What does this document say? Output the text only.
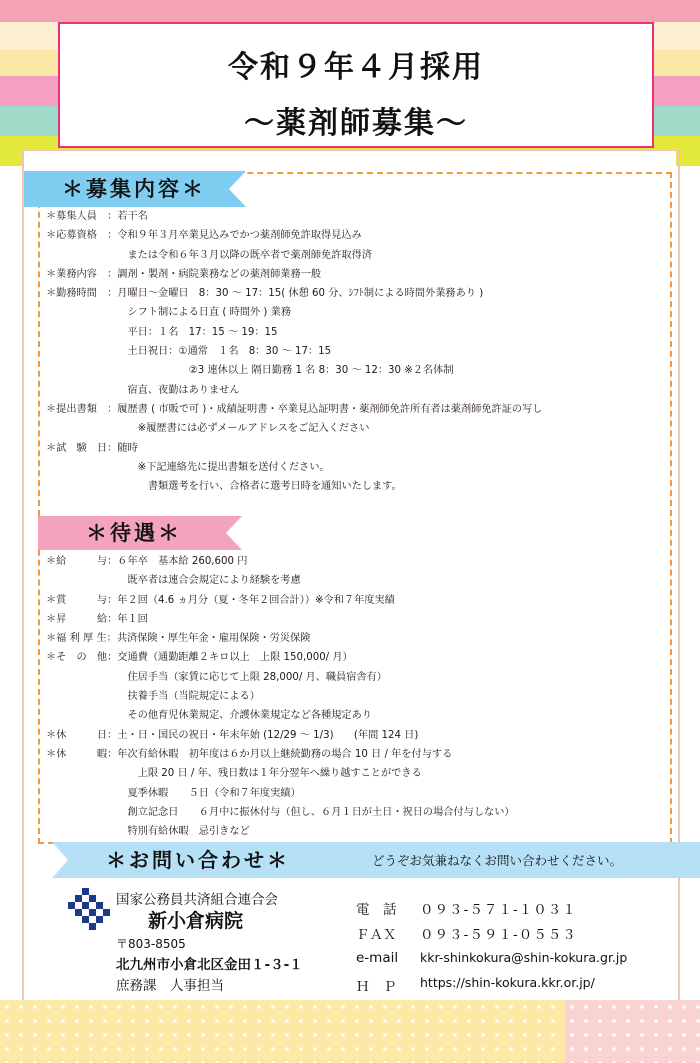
令和９年４月採用
〜薬剤師募集〜
＊募集内容＊
＊募集人員　：若干名
＊応募資格　：令和９年３月卒業見込みでかつ薬剤師免許取得見込み
　　　　　　　　または令和６年３月以降の既卒者で薬剤師免許取得済
＊業務内容　：調剤・製剤・病院業務などの薬剤師業務一般
＊勤務時間　：月曜日〜金曜日　8：30 〜 17：15( 休憩 60 分、ｼﾌﾄ制による時間外業務あり )
　　　　　　　　シフト制による日直 ( 時間外 ) 業務
　　　　　　　　平日：１名　17：15 〜 19：15
　　　　　　　　土日祝日：①通常　１名　8：30 〜 17：15
　　　　　　　　　　　　　　②3 連休以上 隔日勤務 1 名 8：30 〜 12：30 ※２名体制
　　　　　　　　宿直、夜勤はありません
＊提出書類　：履歴書 ( 市販で可 )・成績証明書・卒業見込証明書・薬剤師免許所有者は薬剤師免許証の写し
　　　　　　　　　※履歴書には必ずメールアドレスをご記入ください
＊試　験　日：随時
　　　　　　　　　※下記連絡先に提出書類を送付ください。
　　　　　　　　　　書類選考を行い、合格者に選考日時を通知いたします。
＊待遇＊
＊給　　　与：６年卒　基本給 260,600 円
　　　　　　　　既卒者は連合会規定により経験を考慮
＊賞　　　与：年２回（4.6 ヵ月分（夏・冬年２回合計））※令和７年度実績
＊昇　　　給：年１回
＊福 利 厚 生：共済保険・厚生年金・雇用保険・労災保険
＊そ　の　他：交通費（通勤距離２キロ以上　上限 150,000/ 月）
　　　　　　　　住居手当（家賃に応じて上限 28,000/ 月、職員宿舎有）
　　　　　　　　扶養手当（当院規定による）
　　　　　　　　その他育児休業規定、介護休業規定など各種規定あり
＊休　　　日：土・日・国民の祝日・年末年始 (12/29 〜 1/3)　　(年間 124 日)
＊休　　　暇：年次有給休暇　初年度は６か月以上継続勤務の場合 10 日 / 年を付与する
　　　　　　　　　上限 20 日 / 年、残日数は１年分翌年へ繰り越すことができる
　　　　　　　　夏季休暇　　５日（令和７年度実績）
　　　　　　　　創立記念日　　６月中に振休付与（但し、６月１日が土日・祝日の場合付与しない）
　　　　　　　　特別有給休暇　忌引きなど
＊お問い合わせ＊	どうぞお気兼ねなくお問い合わせください。
国家公務員共済組合連合会
新小倉病院
〒803-8505
北九州市小倉北区金田１-３-１
庶務課　人事担当
電　話 ０９３-５７１-１０３１
ＦＡＸ ０９３-５９１-０５５３
e-mail kkr-shinkokura@shin-kokura.gr.jp
Ｈ　Ｐ https://shin-kokura.kkr.or.jp/
